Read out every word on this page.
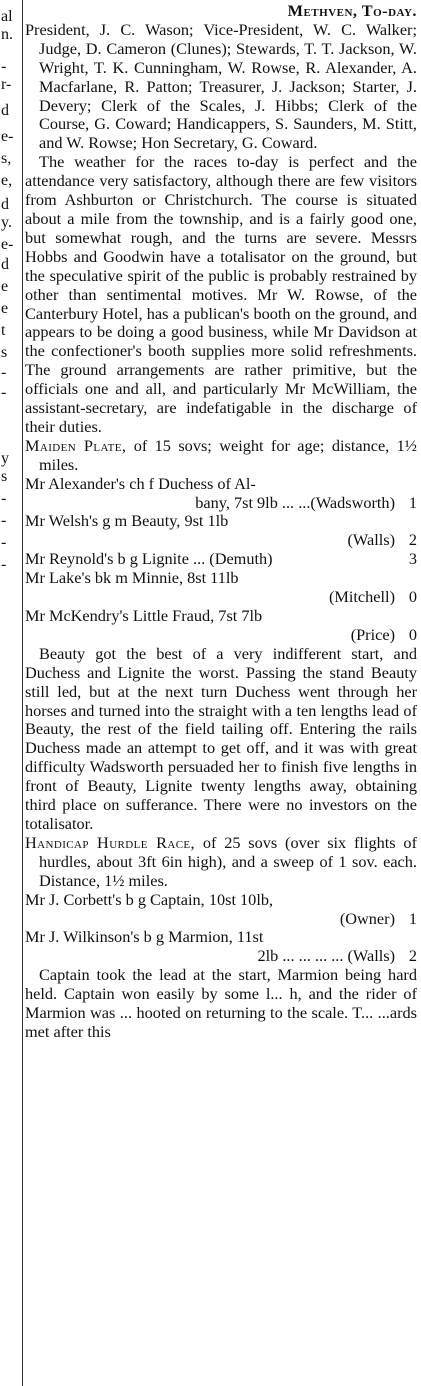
al
n.
-
r-
d
e-
s,
e,
d
y.
e-
d
e
e
t
s
-
-
y
s
-
-
-
-

Methven, To-day.

President, J. C. Wason; Vice-President, W. C. Walker; Judge, D. Cameron (Clunes); Stewards, T. T. Jackson, W. Wright, T. K. Cunningham, W. Rowse, R. Alexander, A. Macfarlane, R. Patton; Treasurer, J. Jackson; Starter, J. Devery; Clerk of the Scales, J. Hibbs; Clerk of the Course, G. Coward; Handicappers, S. Saunders, M. Stitt, and W. Rowse; Hon Secretary, G. Coward.

The weather for the races to-day is perfect and the attendance very satisfactory, although there are few visitors from Ashburton or Christchurch. The course is situated about a mile from the township, and is a fairly good one, but somewhat rough, and the turns are severe. Messrs Hobbs and Goodwin have a totalisator on the ground, but the speculative spirit of the public is probably restrained by other than sentimental motives. Mr W. Rowse, of the Canterbury Hotel, has a publican's booth on the ground, and appears to be doing a good business, while Mr Davidson at the confectioner's booth supplies more solid refreshments. The ground arrangements are rather primitive, but the officials one and all, and particularly Mr McWilliam, the assistant-secretary, are indefatigable in the discharge of their duties.

Maiden Plate, of 15 sovs; weight for age; distance, 1½ miles.

Mr Alexander's ch f Duchess of Al-
bany, 7st 9lb ... ...(Wadsworth) 1
Mr Welsh's g m Beauty, 9st 1lb
(Walls) 2
Mr Reynold's b g Lignite ... (Demuth)	3
Mr Lake's bk m Minnie, 8st 11lb
(Mitchell) 0
Mr McKendry's Little Fraud, 7st 7lb
(Price) 0

Beauty got the best of a very indifferent start, and Duchess and Lignite the worst. Passing the stand Beauty still led, but at the next turn Duchess went through her horses and turned into the straight with a ten lengths lead of Beauty, the rest of the field tailing off. Entering the rails Duchess made an attempt to get off, and it was with great difficulty Wadsworth persuaded her to finish five lengths in front of Beauty, Lignite twenty lengths away, obtaining third place on sufferance. There were no investors on the totalisator.

Handicap Hurdle Race, of 25 sovs (over six flights of hurdles, about 3ft 6in high), and a sweep of 1 sov. each. Distance, 1½ miles.

Mr J. Corbett's b g Captain, 10st 10lb,
(Owner) 1
Mr J. Wilkinson's b g Marmion, 11st
2lb ... ... ... ... (Walls) 2

Captain took the lead at the start, Marmion being hard held. Captain won easily by some l... h, and the rider of Marmion was ... hooted on returning to the scale. T... ...ards met after this
